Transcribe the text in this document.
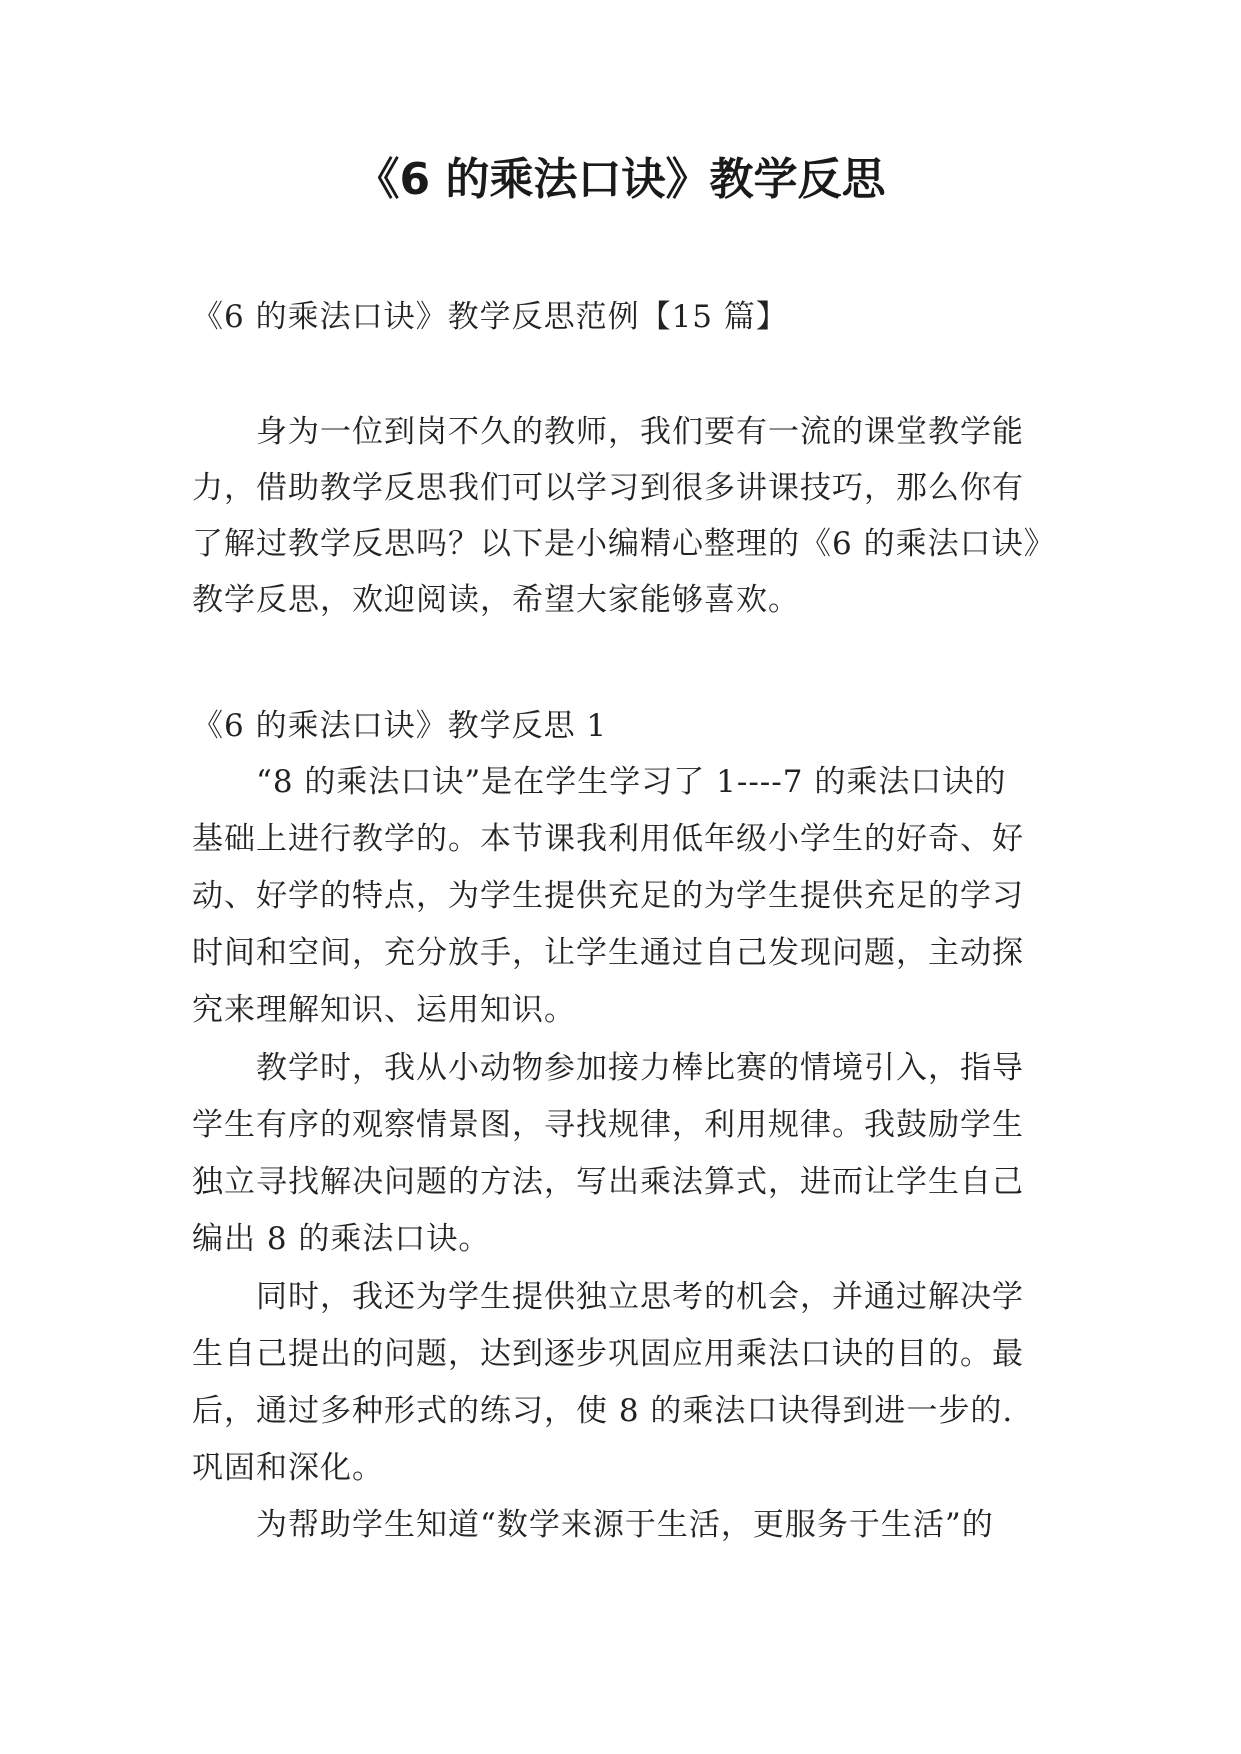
《6 的乘法口诀》教学反思

《6 的乘法口诀》教学反思范例【15 篇】

身为一位到岗不久的教师，我们要有一流的课堂教学能

力，借助教学反思我们可以学习到很多讲课技巧，那么你有

了解过教学反思吗？以下是小编精心整理的《6 的乘法口诀》

教学反思，欢迎阅读，希望大家能够喜欢。

《6 的乘法口诀》教学反思 1

“8 的乘法口诀”是在学生学习了 1----7 的乘法口诀的

基础上进行教学的。本节课我利用低年级小学生的好奇、好

动、好学的特点，为学生提供充足的为学生提供充足的学习

时间和空间，充分放手，让学生通过自己发现问题，主动探

究来理解知识、运用知识。

教学时，我从小动物参加接力棒比赛的情境引入，指导

学生有序的观察情景图，寻找规律，利用规律。我鼓励学生

独立寻找解决问题的方法，写出乘法算式，进而让学生自己

编出 8 的乘法口诀。

同时，我还为学生提供独立思考的机会，并通过解决学

生自己提出的问题，达到逐步巩固应用乘法口诀的目的。最

后，通过多种形式的练习，使 8 的乘法口诀得到进一步的.

巩固和深化。

为帮助学生知道“数学来源于生活，更服务于生活”的
